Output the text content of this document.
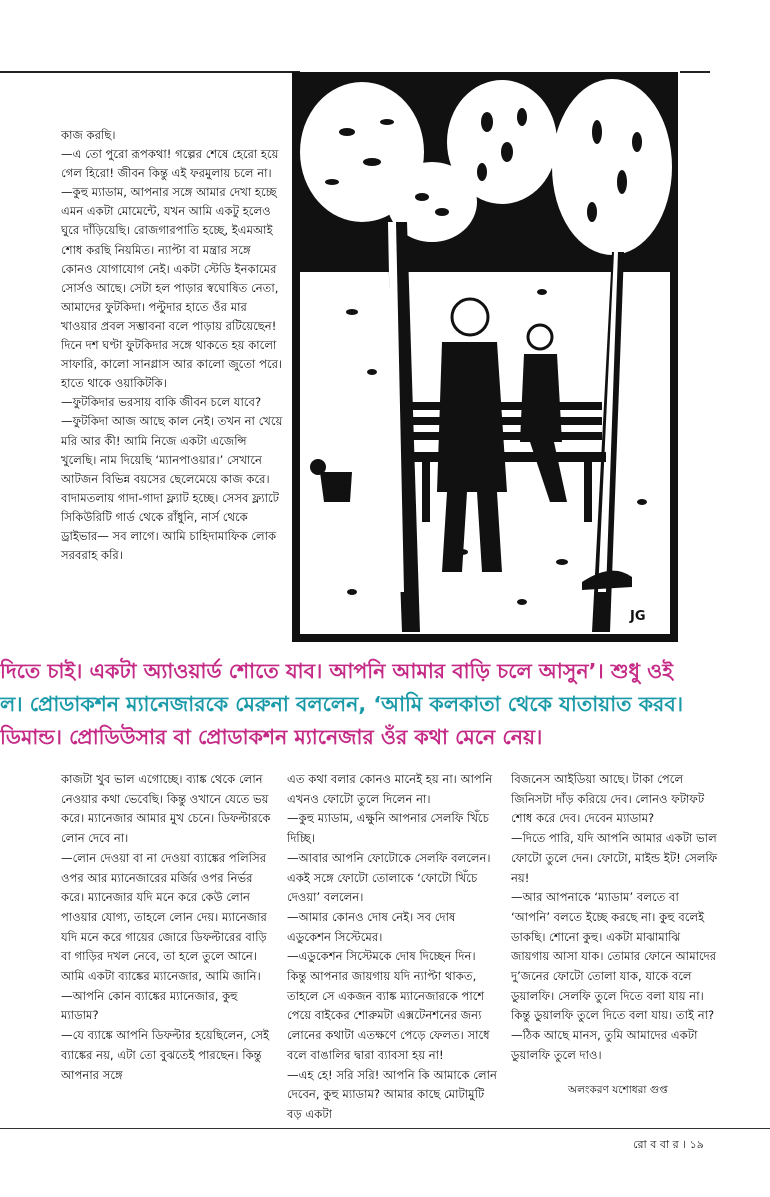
কাজ করছি।

—এ তো পুরো রূপকথা! গল্পের শেষে হেরো হয়ে গেল হিরো! জীবন কিন্তু এই ফরমুলায় চলে না।

—কুহু ম্যাডাম, আপনার সঙ্গে আমার দেখা হচ্ছে এমন একটা মোমেন্টে, যখন আমি একটু হলেও ঘুরে দাঁড়িয়েছি। রোজগারপাতি হচ্ছে, ইএমআই শোধ করছি নিয়মিত। ন্যাপ্টা বা মন্ত্রার সঙ্গে কোনও যোগাযোগ নেই। একটা স্টেডি ইনকামের সোর্সও আছে। সেটা হল পাড়ার স্বঘোষিত নেতা, আমাদের ফুটকিদা। পল্টুদার হাতে ওঁর মার খাওয়ার প্রবল সম্ভাবনা বলে পাড়ায় রটিয়েছেন! দিনে দশ ঘণ্টা ফুটকিদার সঙ্গে থাকতে হয় কালো সাফারি, কালো সানগ্লাস আর কালো জুতো পরে। হাতে থাকে ওয়াকিটকি।

—ফুটকিদার ভরসায় বাকি জীবন চলে যাবে?

—ফুটকিদা আজ আছে কাল নেই। তখন না খেয়ে মরি আর কী! আমি নিজে একটা এজেন্সি খুলেছি। নাম দিয়েছি ‘ম্যানপাওয়ার।’ সেখানে আটজন বিভিন্ন বয়সের ছেলেমেয়ে কাজ করে। বাদামতলায় গাদা-গাদা ফ্ল্যাট হচ্ছে। সেসব ফ্ল্যাটে সিকিউরিটি গার্ড থেকে রাঁধুনি, নার্স থেকে ড্রাইভার— সব লাগে। আমি চাহিদামাফিক লোক সরবরাহ করি।

JG
দিতে চাই। একটা অ্যাওয়ার্ড শোতে যাব। আপনি আমার বাড়ি চলে আসুন’। শুধু ওই
ল। প্রোডাকশন ম্যানেজারকে মেরুনা বললেন, ‘আমি কলকাতা থেকে যাতায়াত করব।
ডিমান্ড। প্রোডিউসার বা প্রোডাকশন ম্যানেজার ওঁর কথা মেনে নেয়।

কাজটা খুব ভাল এগোচ্ছে। ব্যাঙ্ক থেকে লোন নেওয়ার কথা ভেবেছি। কিন্তু ওখানে যেতে ভয় করে। ম্যানেজার আমার মুখ চেনে। ডিফল্টারকে লোন দেবে না।

—লোন দেওয়া বা না দেওয়া ব্যাঙ্কের পলিসির ওপর আর ম্যানেজারের মর্জির ওপর নির্ভর করে। ম্যানেজার যদি মনে করে কেউ লোন পাওয়ার যোগ্য, তাহলে লোন দেয়। ম্যানেজার যদি মনে করে গায়ের জোরে ডিফল্টারের বাড়ি বা গাড়ির দখল নেবে, তা হলে তুলে আনে। আমি একটা ব্যাঙ্কের ম্যানেজার, আমি জানি।

—আপনি কোন ব্যাঙ্কের ম্যানেজার, কুহু ম্যাডাম?

—যে ব্যাঙ্কে আপনি ডিফল্টার হয়েছিলেন, সেই ব্যাঙ্কের নয়, এটা তো বুঝতেই পারছেন। কিন্তু আপনার সঙ্গে

এত কথা বলার কোনও মানেই হয় না। আপনি এখনও ফোটো তুলে দিলেন না।

—কুহু ম্যাডাম, এক্ষুনি আপনার সেলফি খিঁচে দিচ্ছি।

—আবার আপনি ফোটোকে সেলফি বললেন। একই সঙ্গে ফোটো তোলাকে ‘ফোটো খিঁচে দেওয়া’ বললেন।

—আমার কোনও দোষ নেই। সব দোষ এডুকেশন সিস্টেমের।

—এডুকেশন সিস্টেমকে দোষ দিচ্ছেন দিন। কিন্তু আপনার জায়গায় যদি ন্যাপ্টা থাকত, তাহলে সে একজন ব্যাঙ্ক ম্যানেজারকে পাশে পেয়ে বাইকের শোরুমটা এক্সটেনশনের জন্য লোনের কথাটা এতক্ষণে পেড়ে ফেলত। সাধে বলে বাঙালির দ্বারা ব্যাবসা হয় না!

—এহ হে! সরি সরি! আপনি কি আমাকে লোন দেবেন, কুহু ম্যাডাম? আমার কাছে মোটামুটি বড় একটা

বিজনেস আইডিয়া আছে। টাকা পেলে জিনিসটা দাঁড় করিয়ে দেব। লোনও ফটাফট শোধ করে দেব। দেবেন ম্যাডাম?

—দিতে পারি, যদি আপনি আমার একটা ভাল ফোটো তুলে দেন। ফোটো, মাইন্ড ইট! সেলফি নয়!

—আর আপনাকে ‘ম্যাডাম’ বলতে বা ‘আপনি’ বলতে ইচ্ছে করছে না। কুহু বলেই ডাকছি। শোনো কুহু। একটা মাঝামাঝি জায়গায় আসা যাক। তোমার ফোনে আমাদের দু’জনের ফোটো তোলা যাক, যাকে বলে ডুয়ালফি। সেলফি তুলে দিতে বলা যায় না। কিন্তু ডুয়ালফি তুলে দিতে বলা যায়। তাই না?

—ঠিক আছে মানস, তুমি আমাদের একটা ডুয়ালফি তুলে দাও।

অলংকরণ যশোধরা গুপ্ত
রো ব বা র । ১৯
